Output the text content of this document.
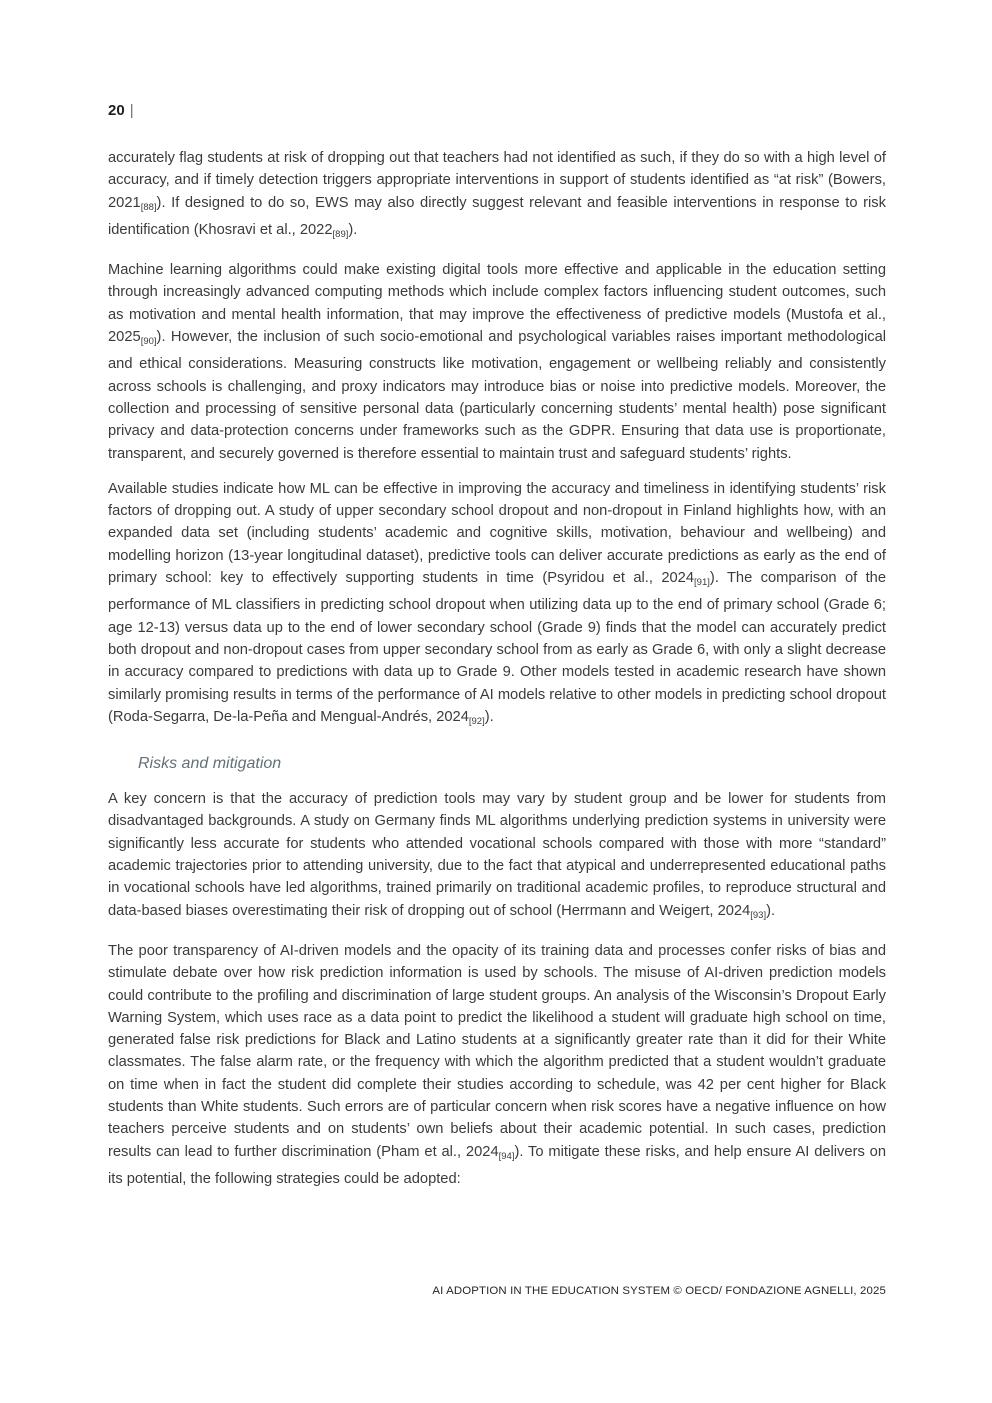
20 |

accurately flag students at risk of dropping out that teachers had not identified as such, if they do so with a high level of accuracy, and if timely detection triggers appropriate interventions in support of students identified as “at risk” (Bowers, $2021_{[88]}$). If designed to do so, EWS may also directly suggest relevant and feasible interventions in response to risk identification (Khosravi et al., $2022_{[89]}$).

Machine learning algorithms could make existing digital tools more effective and applicable in the education setting through increasingly advanced computing methods which include complex factors influencing student outcomes, such as motivation and mental health information, that may improve the effectiveness of predictive models (Mustofa et al., $2025_{[90]}$). However, the inclusion of such socio-emotional and psychological variables raises important methodological and ethical considerations. Measuring constructs like motivation, engagement or wellbeing reliably and consistently across schools is challenging, and proxy indicators may introduce bias or noise into predictive models. Moreover, the collection and processing of sensitive personal data (particularly concerning students’ mental health) pose significant privacy and data-protection concerns under frameworks such as the GDPR. Ensuring that data use is proportionate, transparent, and securely governed is therefore essential to maintain trust and safeguard students’ rights.

Available studies indicate how ML can be effective in improving the accuracy and timeliness in identifying students’ risk factors of dropping out. A study of upper secondary school dropout and non-dropout in Finland highlights how, with an expanded data set (including students’ academic and cognitive skills, motivation, behaviour and wellbeing) and modelling horizon (13-year longitudinal dataset), predictive tools can deliver accurate predictions as early as the end of primary school: key to effectively supporting students in time (Psyridou et al., $2024_{[91]}$). The comparison of the performance of ML classifiers in predicting school dropout when utilizing data up to the end of primary school (Grade 6; age 12-13) versus data up to the end of lower secondary school (Grade 9) finds that the model can accurately predict both dropout and non-dropout cases from upper secondary school from as early as Grade 6, with only a slight decrease in accuracy compared to predictions with data up to Grade 9. Other models tested in academic research have shown similarly promising results in terms of the performance of AI models relative to other models in predicting school dropout (Roda-Segarra, De-la-Peña and Mengual-Andrés, $2024_{[92]}$).

Risks and mitigation

A key concern is that the accuracy of prediction tools may vary by student group and be lower for students from disadvantaged backgrounds. A study on Germany finds ML algorithms underlying prediction systems in university were significantly less accurate for students who attended vocational schools compared with those with more “standard” academic trajectories prior to attending university, due to the fact that atypical and underrepresented educational paths in vocational schools have led algorithms, trained primarily on traditional academic profiles, to reproduce structural and data-based biases overestimating their risk of dropping out of school (Herrmann and Weigert, $2024_{[93]}$).

The poor transparency of AI-driven models and the opacity of its training data and processes confer risks of bias and stimulate debate over how risk prediction information is used by schools. The misuse of AI-driven prediction models could contribute to the profiling and discrimination of large student groups. An analysis of the Wisconsin’s Dropout Early Warning System, which uses race as a data point to predict the likelihood a student will graduate high school on time, generated false risk predictions for Black and Latino students at a significantly greater rate than it did for their White classmates. The false alarm rate, or the frequency with which the algorithm predicted that a student wouldn’t graduate on time when in fact the student did complete their studies according to schedule, was 42 per cent higher for Black students than White students. Such errors are of particular concern when risk scores have a negative influence on how teachers perceive students and on students’ own beliefs about their academic potential. In such cases, prediction results can lead to further discrimination (Pham et al., $2024_{[94]}$). To mitigate these risks, and help ensure AI delivers on its potential, the following strategies could be adopted:

AI ADOPTION IN THE EDUCATION SYSTEM © OECD/ FONDAZIONE AGNELLI, 2025
